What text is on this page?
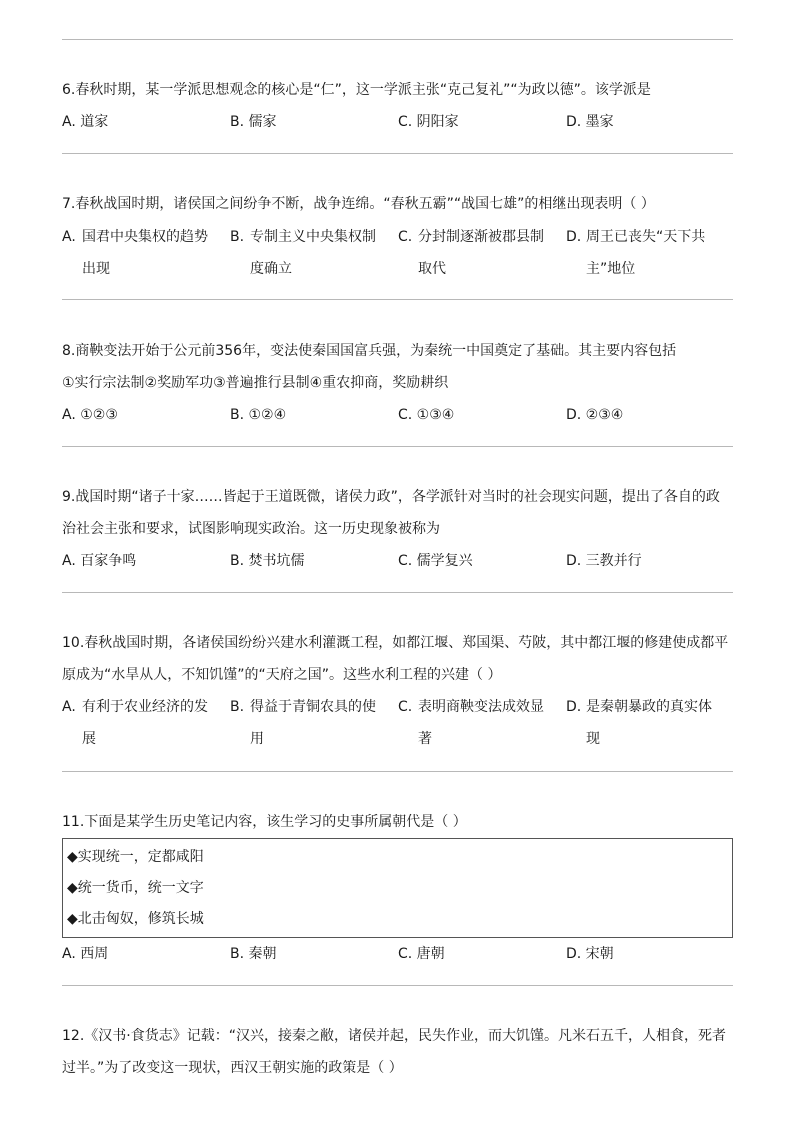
6.春秋时期，某一学派思想观念的核心是“仁”，这一学派主张“克己复礼”“为政以德”。该学派是
A. 道家	B. 儒家	C. 阴阳家	D. 墨家
7.春秋战国时期，诸侯国之间纷争不断，战争连绵。“春秋五霸”“战国七雄”的相继出现表明（ ）
A. 国君中央集权的趋势出现
B. 专制主义中央集权制度确立
C. 分封制逐渐被郡县制取代
D. 周王已丧失“天下共主”地位
8.商鞅变法开始于公元前356年，变法使秦国国富兵强，为秦统一中国奠定了基础。其主要内容包括
①实行宗法制②奖励军功③普遍推行县制④重农抑商，奖励耕织
A. ①②③	B. ①②④	C. ①③④	D. ②③④
9.战国时期“诸子十家……皆起于王道既微，诸侯力政”，各学派针对当时的社会现实问题，提出了各自的政
治社会主张和要求，试图影响现实政治。这一历史现象被称为
A. 百家争鸣	B. 焚书坑儒	C. 儒学复兴	D. 三教并行
10.春秋战国时期，各诸侯国纷纷兴建水利灌溉工程，如都江堰、郑国渠、芍陂，其中都江堰的修建使成都平
原成为“水旱从人，不知饥馑”的“天府之国”。这些水利工程的兴建（ ）
A. 有利于农业经济的发展
B. 得益于青铜农具的使用
C. 表明商鞅变法成效显著
D. 是秦朝暴政的真实体现
11.下面是某学生历史笔记内容，该生学习的史事所属朝代是（ ）
◆实现统一，定都咸阳
◆统一货币，统一文字
◆北击匈奴，修筑长城
A. 西周	B. 秦朝	C. 唐朝	D. 宋朝
12.《汉书·食货志》记载：“汉兴，接秦之敝，诸侯并起，民失作业，而大饥馑。凡米石五千，人相食，死者
过半。”为了改变这一现状，西汉王朝实施的政策是（ ）
